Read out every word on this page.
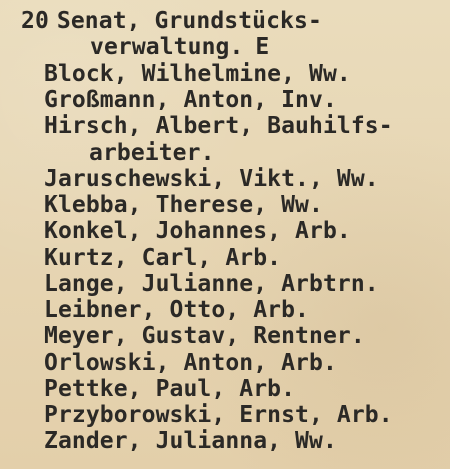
20 Senat, Grundstücks-
verwaltung. E
Block, Wilhelmine, Ww.
Großmann, Anton, Inv.
Hirsch, Albert, Bauhilfs-
arbeiter.
Jaruschewski, Vikt., Ww.
Klebba, Therese, Ww.
Konkel, Johannes, Arb.
Kurtz, Carl, Arb.
Lange, Julianne, Arbtrn.
Leibner, Otto, Arb.
Meyer, Gustav, Rentner.
Orlowski, Anton, Arb.
Pettke, Paul, Arb.
Przyborowski, Ernst, Arb.
Zander, Julianna, Ww.
